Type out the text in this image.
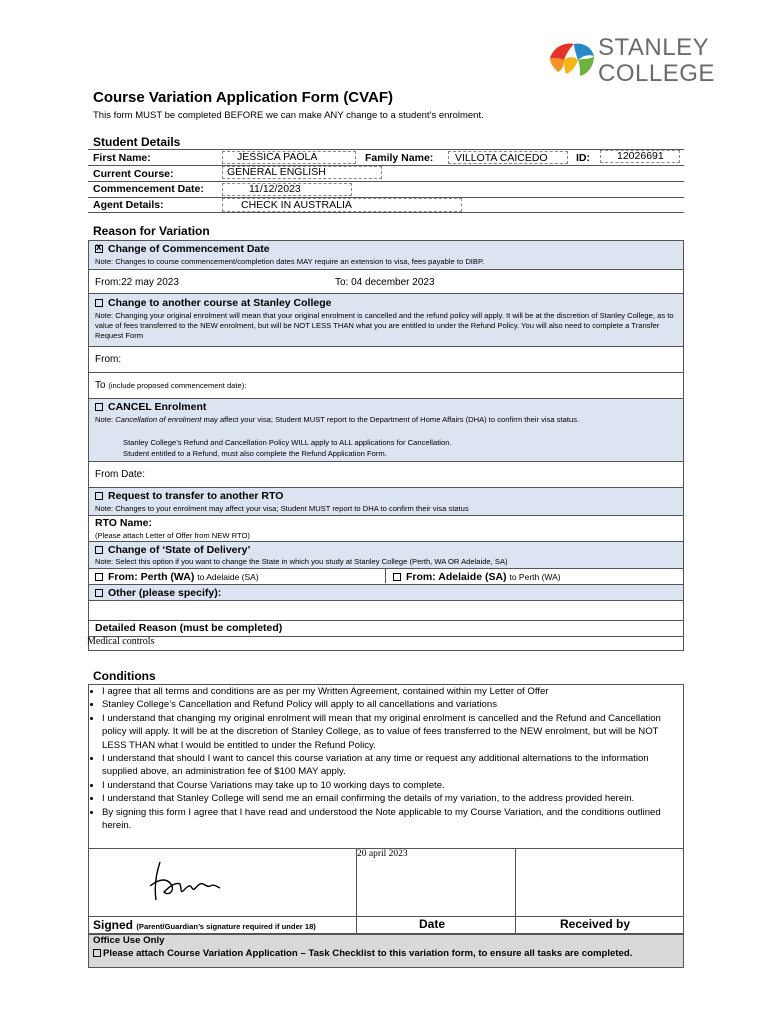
STANLEY
COLLEGE
Course Variation Application Form (CVAF)
This form MUST be completed BEFORE we can make ANY change to a student’s enrolment.
Student Details
First Name:	JESSICA PAOLA	Family Name: VILLOTA CAICEDO	ID:	12026691
Current Course:	GENERAL ENGLISH
Commencement Date:	11/12/2023
Agent Details:	CHECK IN AUSTRALIA
Reason for Variation
x Change of Commencement Date
Note: Changes to course commencement/completion dates MAY require an extension to visa, fees payable to DIBP.
From:22 may 2023	To: 04 december 2023
Change to another course at Stanley College
Note: Changing your original enrolment will mean that your original enrolment is cancelled and the refund policy will apply. It will be at the discretion of Stanley College, as to value of fees transferred to the NEW enrolment, but will be NOT LESS THAN what you are entitled to under the Refund Policy. You will also need to complete a Transfer Request Form
From:
To (include proposed commencement date):
CANCEL Enrolment
Note: Cancellation of enrolment may affect your visa; Student MUST report to the Department of Home Affairs (DHA) to confirm their visa status.
Stanley College’s Refund and Cancellation Policy WILL apply to ALL applications for Cancellation.
Student entitled to a Refund, must also complete the Refund Application Form.
From Date:
Request to transfer to another RTO
Note: Changes to your enrolment may affect your visa; Student MUST report to DHA to confirm their visa status
RTO Name:
(Please attach Letter of Offer from NEW RTO)
Change of ‘State of Delivery’
Note: Select this option if you want to change the State in which you study at Stanley College (Perth, WA OR Adelaide, SA)
From: Perth (WA) to Adelaide (SA)	From: Adelaide (SA) to Perth (WA)
Other (please specify):
Detailed Reason (must be completed)
Medical controls
Conditions
• I agree that all terms and conditions are as per my Written Agreement, contained within my Letter of Offer
• Stanley College’s Cancellation and Refund Policy will apply to all cancellations and variations
• I understand that changing my original enrolment will mean that my original enrolment is cancelled and the Refund and Cancellation policy will apply. It will be at the discretion of Stanley College, as to value of fees transferred to the NEW enrolment, but will be NOT LESS THAN what I would be entitled to under the Refund Policy.
• I understand that should I want to cancel this course variation at any time or request any additional alternations to the information supplied above, an administration fee of $100 MAY apply.
• I understand that Course Variations may take up to 10 working days to complete.
• I understand that Stanley College will send me an email confirming the details of my variation, to the address provided herein.
• By signing this form I agree that I have read and understood the Note applicable to my Course Variation, and the conditions outlined herein.
20 april 2023
Signed (Parent/Guardian’s signature required if under 18)	Date	Received by
Office Use Only
Please attach Course Variation Application – Task Checklist to this variation form, to ensure all tasks are completed.
